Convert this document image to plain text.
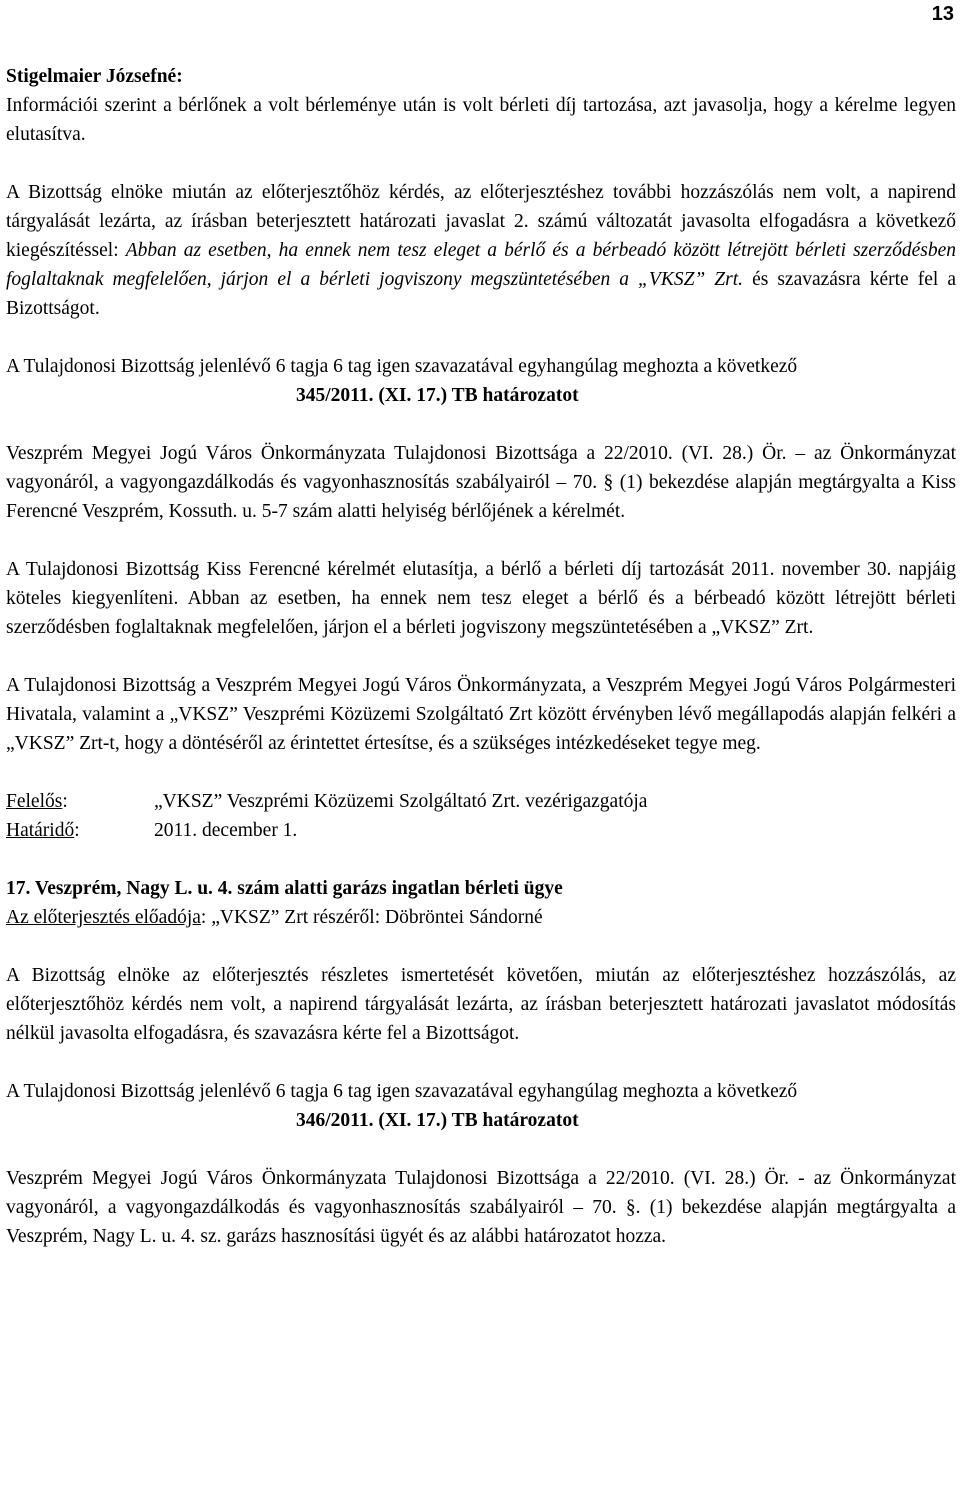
13

Stigelmaier Józsefné:

Információi szerint a bérlőnek a volt bérleménye után is volt bérleti díj tartozása, azt javasolja, hogy a kérelme legyen elutasítva.

A Bizottság elnöke miután az előterjesztőhöz kérdés, az előterjesztéshez további hozzászólás nem volt, a napirend tárgyalását lezárta, az írásban beterjesztett határozati javaslat 2. számú változatát javasolta elfogadásra a következő kiegészítéssel: Abban az esetben, ha ennek nem tesz eleget a bérlő és a bérbeadó között létrejött bérleti szerződésben foglaltaknak megfelelően, járjon el a bérleti jogviszony megszüntetésében a „VKSZ” Zrt. és szavazásra kérte fel a Bizottságot.

A Tulajdonosi Bizottság jelenlévő 6 tagja 6 tag igen szavazatával egyhangúlag meghozta a következő

345/2011. (XI. 17.) TB határozatot

Veszprém Megyei Jogú Város Önkormányzata Tulajdonosi Bizottsága a 22/2010. (VI. 28.) Ör. – az Önkormányzat vagyonáról, a vagyongazdálkodás és vagyonhasznosítás szabályairól – 70. § (1) bekezdése alapján megtárgyalta a Kiss Ferencné Veszprém, Kossuth. u. 5-7 szám alatti helyiség bérlőjének a kérelmét.

A Tulajdonosi Bizottság Kiss Ferencné kérelmét elutasítja, a bérlő a bérleti díj tartozását 2011. november 30. napjáig köteles kiegyenlíteni. Abban az esetben, ha ennek nem tesz eleget a bérlő és a bérbeadó között létrejött bérleti szerződésben foglaltaknak megfelelően, járjon el a bérleti jogviszony megszüntetésében a „VKSZ” Zrt.

A Tulajdonosi Bizottság a Veszprém Megyei Jogú Város Önkormányzata, a Veszprém Megyei Jogú Város Polgármesteri Hivatala, valamint a „VKSZ” Veszprémi Közüzemi Szolgáltató Zrt között érvényben lévő megállapodás alapján felkéri a „VKSZ” Zrt-t, hogy a döntéséről az érintettet értesítse, és a szükséges intézkedéseket tegye meg.

Felelős:	„VKSZ” Veszprémi Közüzemi Szolgáltató Zrt. vezérigazgatója
Határidő:	2011. december 1.

17. Veszprém, Nagy L. u. 4. szám alatti garázs ingatlan bérleti ügye

Az előterjesztés előadója: „VKSZ” Zrt részéről: Döbröntei Sándorné

A Bizottság elnöke az előterjesztés részletes ismertetését követően, miután az előterjesztéshez hozzászólás, az előterjesztőhöz kérdés nem volt, a napirend tárgyalását lezárta, az írásban beterjesztett határozati javaslatot módosítás nélkül javasolta elfogadásra, és szavazásra kérte fel a Bizottságot.

A Tulajdonosi Bizottság jelenlévő 6 tagja 6 tag igen szavazatával egyhangúlag meghozta a következő

346/2011. (XI. 17.) TB határozatot

Veszprém Megyei Jogú Város Önkormányzata Tulajdonosi Bizottsága a 22/2010. (VI. 28.) Ör. - az Önkormányzat vagyonáról, a vagyongazdálkodás és vagyonhasznosítás szabályairól – 70. §. (1) bekezdése alapján megtárgyalta a Veszprém, Nagy L. u. 4. sz. garázs hasznosítási ügyét és az alábbi határozatot hozza.
